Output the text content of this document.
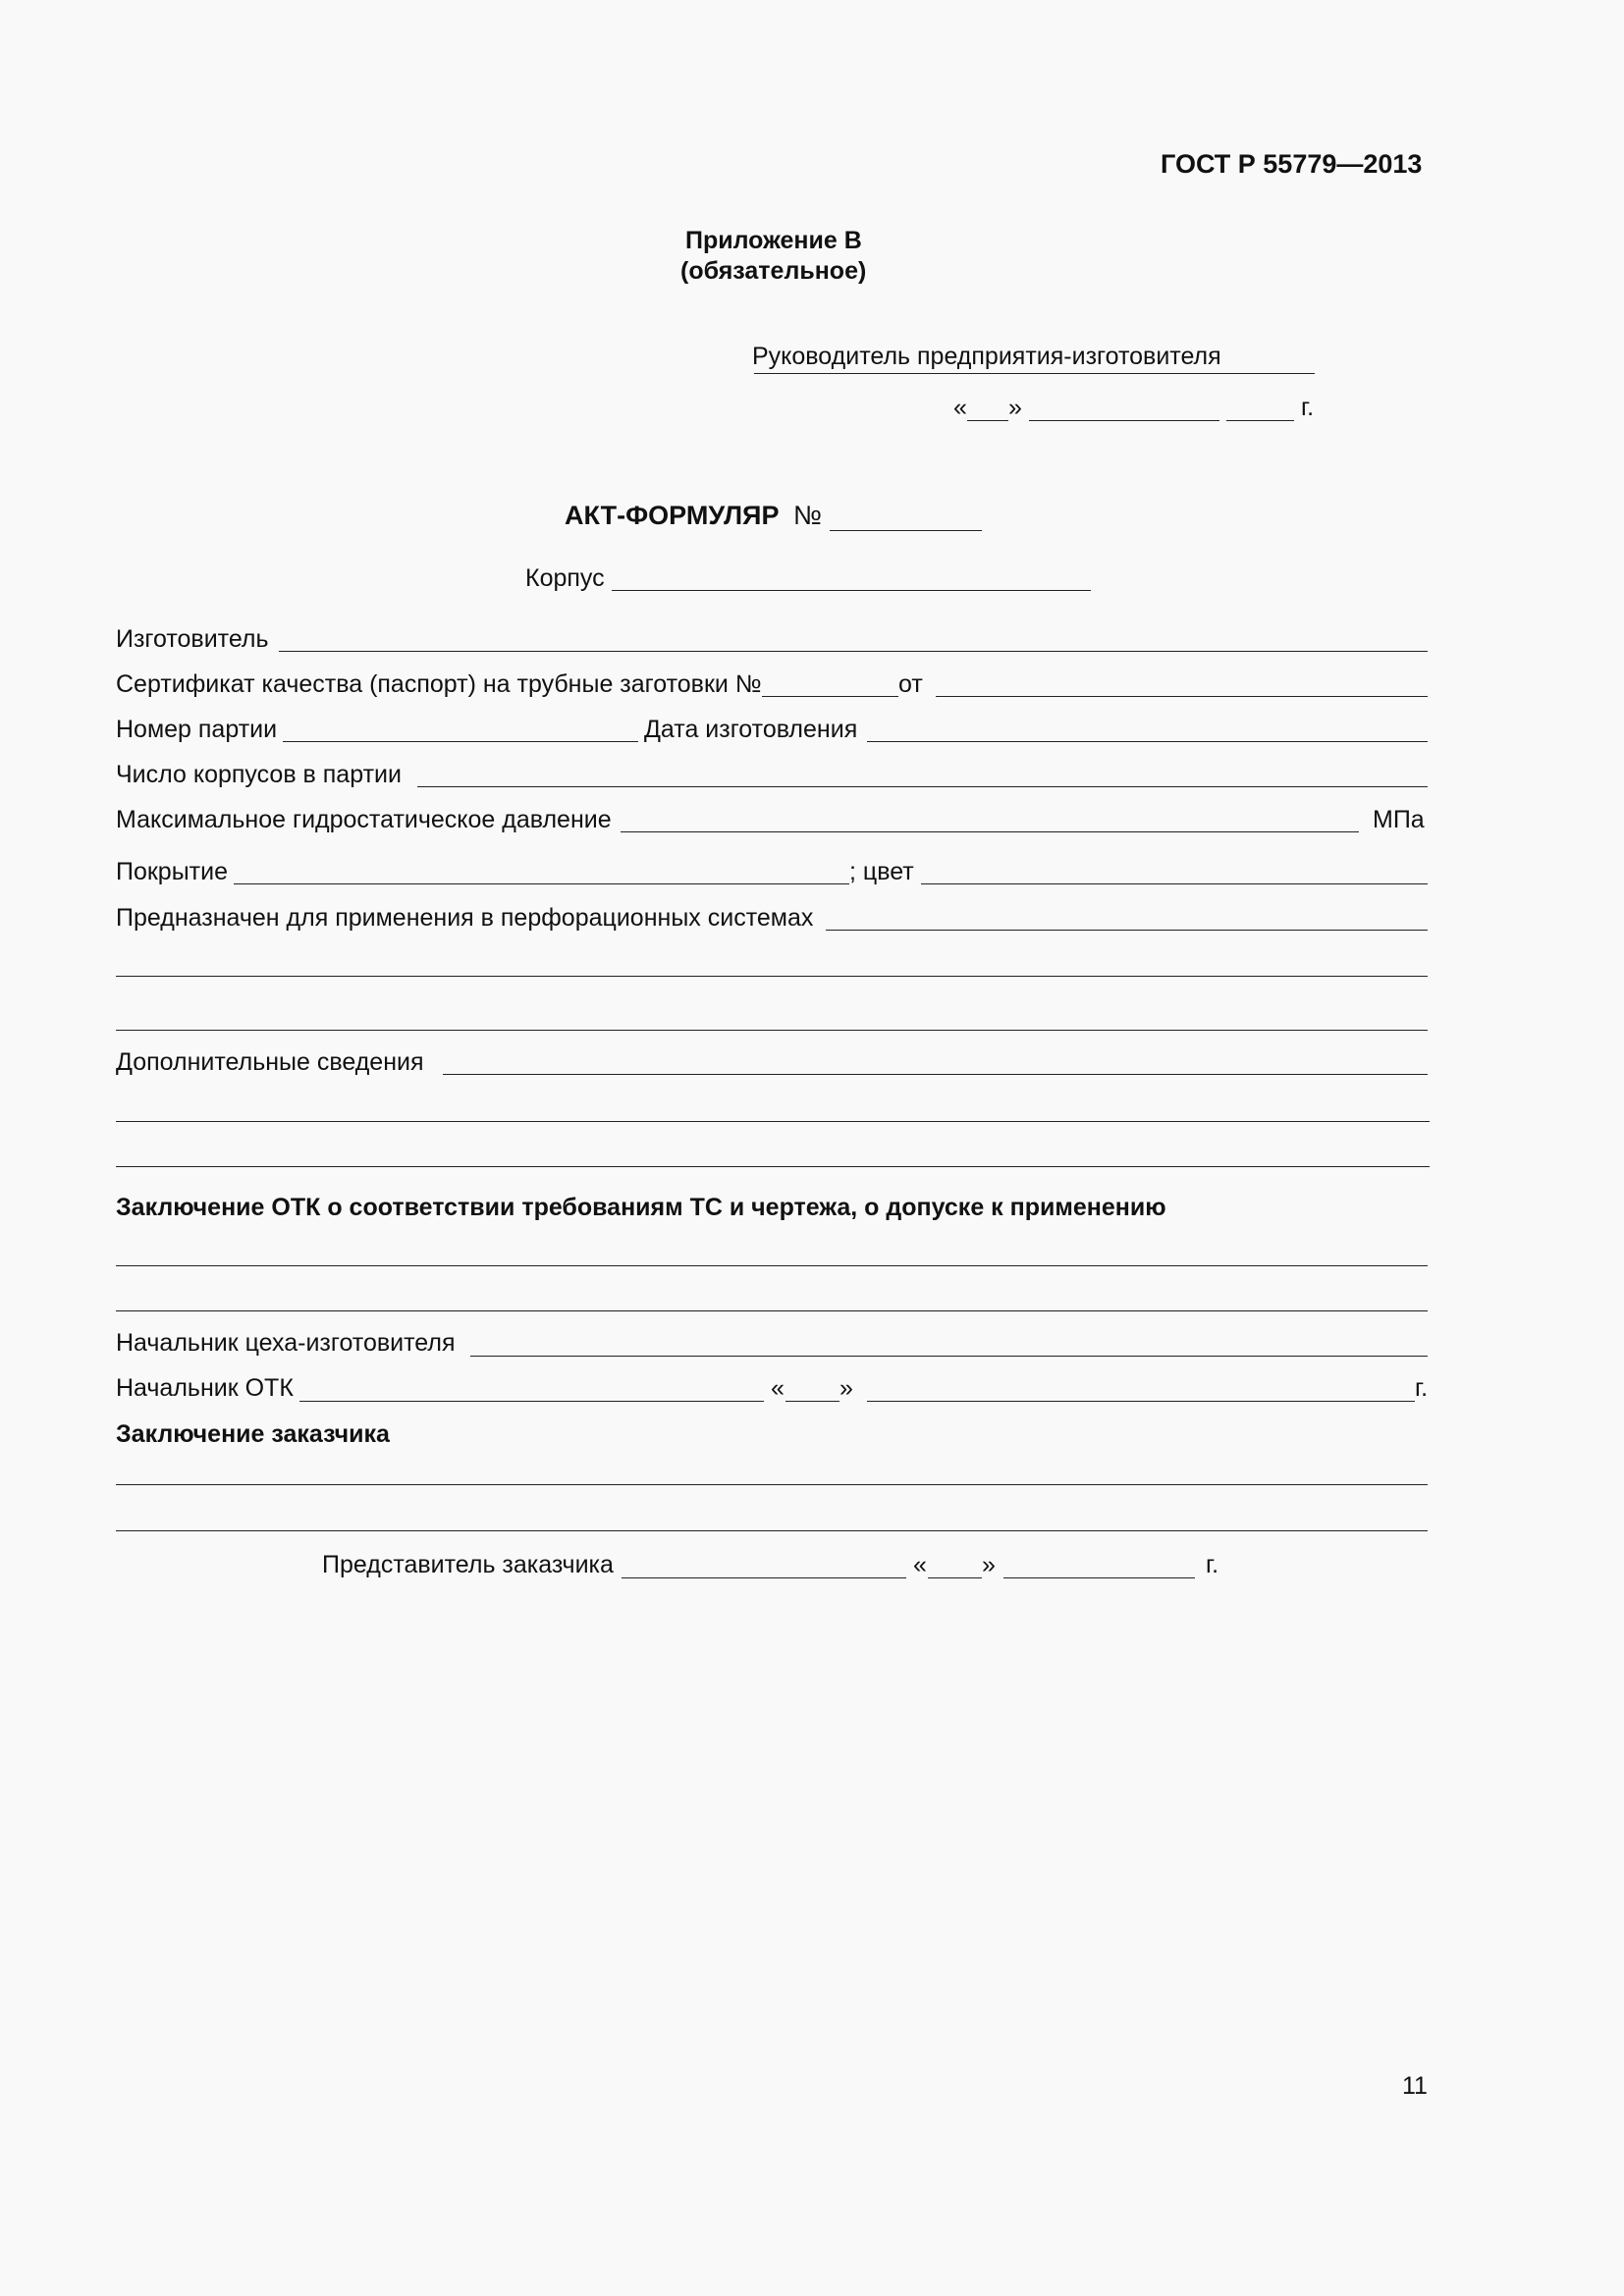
ГОСТ Р 55779—2013
Приложение В
(обязательное)
Руководитель предприятия-изготовителя
« »	г.
АКТ-ФОРМУЛЯР №
Корпус
Изготовитель
Сертификат качества (паспорт) на трубные заготовки №	от
Номер партии	Дата изготовления
Число корпусов в партии
Максимальное гидростатическое давление	МПа
Покрытие	; цвет
Предназначен для применения в перфорационных системах
Дополнительные сведения
Заключение ОТК о соответствии требованиям ТС и чертежа, о допуске к применению
Начальник цеха-изготовителя
Начальник ОТК	« »	г.
Заключение заказчика
Представитель заказчика	« »	г.
11
